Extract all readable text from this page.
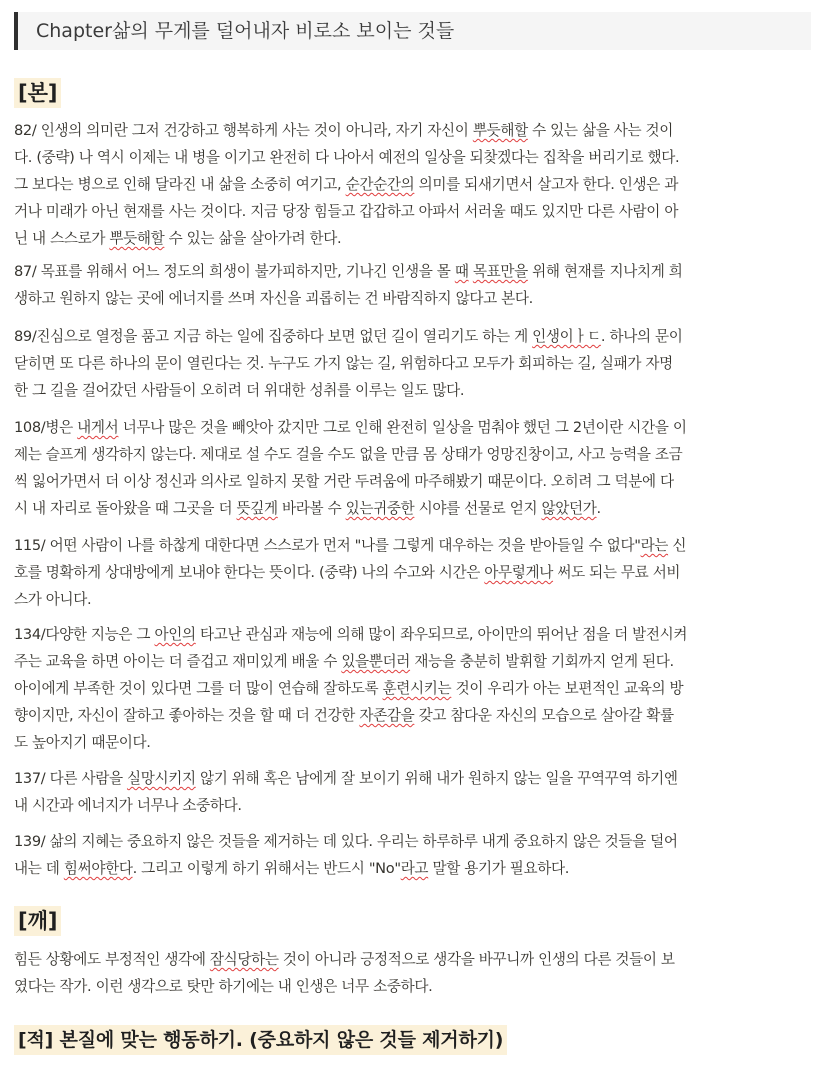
Chapter삶의 무게를 덜어내자 비로소 보이는 것들
[본]
82/ 인생의 의미란 그저 건강하고 행복하게 사는 것이 아니라, 자기 자신이 뿌듯해할 수 있는 삶을 사는 것이
다. (중략) 나 역시 이제는 내 병을 이기고 완전히 다 나아서 예전의 일상을 되찾겠다는 집착을 버리기로 했다.
그 보다는 병으로 인해 달라진 내 삶을 소중히 여기고, 순간순간의 의미를 되새기면서 살고자 한다. 인생은 과
거나 미래가 아닌 현재를 사는 것이다. 지금 당장 힘들고 갑갑하고 아파서 서러울 때도 있지만 다른 사람이 아
닌 내 스스로가 뿌듯해할 수 있는 삶을 살아가려 한다.
87/ 목표를 위해서 어느 정도의 희생이 불가피하지만, 기나긴 인생을 몰 때 목표만을 위해 현재를 지나치게 희
생하고 원하지 않는 곳에 에너지를 쓰며 자신을 괴롭히는 건 바람직하지 않다고 본다.
89/진심으로 열정을 품고 지금 하는 일에 집중하다 보면 없던 길이 열리기도 하는 게 인생이ㅏㄷ. 하나의 문이
닫히면 또 다른 하나의 문이 열린다는 것. 누구도 가지 않는 길, 위험하다고 모두가 회피하는 길, 실패가 자명
한 그 길을 걸어갔던 사람들이 오히려 더 위대한 성취를 이루는 일도 많다.
108/병은 내게서 너무나 많은 것을 빼앗아 갔지만 그로 인해 완전히 일상을 멈춰야 했던 그 2년이란 시간을 이
제는 슬프게 생각하지 않는다. 제대로 설 수도 걸을 수도 없을 만큼 몸 상태가 엉망진창이고, 사고 능력을 조금
씩 잃어가면서 더 이상 정신과 의사로 일하지 못할 거란 두려움에 마주해봤기 때문이다. 오히려 그 덕분에 다
시 내 자리로 돌아왔을 때 그곳을 더 뜻깊게 바라볼 수 있는귀중한 시야를 선물로 얻지 않았던가.
115/ 어떤 사람이 나를 하찮게 대한다면 스스로가 먼저 "나를 그렇게 대우하는 것을 받아들일 수 없다"라는 신
호를 명확하게 상대방에게 보내야 한다는 뜻이다. (중략) 나의 수고와 시간은 아무렇게나 써도 되는 무료 서비
스가 아니다.
134/다양한 지능은 그 아인의 타고난 관심과 재능에 의해 많이 좌우되므로, 아이만의 뛰어난 점을 더 발전시켜
주는 교육을 하면 아이는 더 즐겁고 재미있게 배울 수 있을뿐더러 재능을 충분히 발휘할 기회까지 얻게 된다.
아이에게 부족한 것이 있다면 그를 더 많이 연습해 잘하도록 훈련시키는 것이 우리가 아는 보편적인 교육의 방
향이지만, 자신이 잘하고 좋아하는 것을 할 때 더 건강한 자존감을 갖고 참다운 자신의 모습으로 살아갈 확률
도 높아지기 때문이다.
137/ 다른 사람을 실망시키지 않기 위해 혹은 남에게 잘 보이기 위해 내가 원하지 않는 일을 꾸역꾸역 하기엔
내 시간과 에너지가 너무나 소중하다.
139/ 삶의 지혜는 중요하지 않은 것들을 제거하는 데 있다. 우리는 하루하루 내게 중요하지 않은 것들을 덜어
내는 데 힘써야한다. 그리고 이렇게 하기 위해서는 반드시 "No"라고 말할 용기가 필요하다.
[깨]
힘든 상황에도 부정적인 생각에 잠식당하는 것이 아니라 긍정적으로 생각을 바꾸니까 인생의 다른 것들이 보
였다는 작가. 이런 생각으로 탓만 하기에는 내 인생은 너무 소중하다.
[적] 본질에 맞는 행동하기. (중요하지 않은 것들 제거하기)
